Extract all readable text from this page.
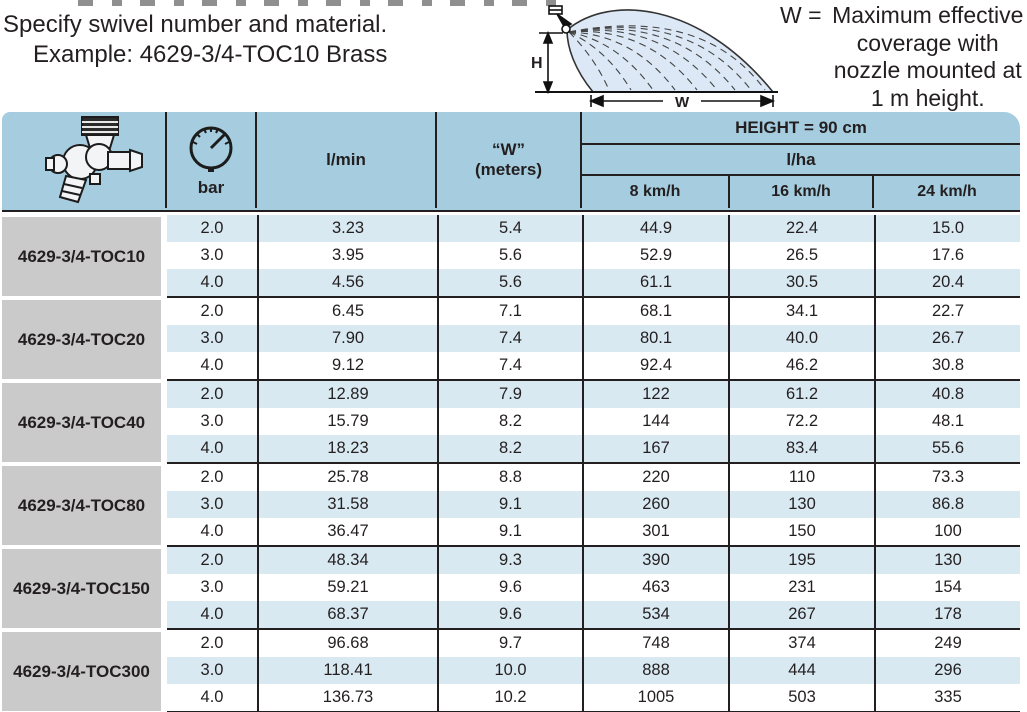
Specify swivel number and material.
Example: 4629-3/4-TOC10 Brass	H
W
W = Maximum effective coverage with nozzle mounted at 1 m height.
bar
l/min
“W”
(meters)
HEIGHT = 90 cm
l/ha
8 km/h	16 km/h	24 km/h
4629-3/4-TOC10
2.0	3.23	5.4	44.9	22.4	15.0
3.0	3.95	5.6	52.9	26.5	17.6
4.0	4.56	5.6	61.1	30.5	20.4
4629-3/4-TOC20
2.0	6.45	7.1	68.1	34.1	22.7
3.0	7.90	7.4	80.1	40.0	26.7
4.0	9.12	7.4	92.4	46.2	30.8
4629-3/4-TOC40
2.0	12.89	7.9	122	61.2	40.8
3.0	15.79	8.2	144	72.2	48.1
4.0	18.23	8.2	167	83.4	55.6
4629-3/4-TOC80
2.0	25.78	8.8	220	110	73.3
3.0	31.58	9.1	260	130	86.8
4.0	36.47	9.1	301	150	100
4629-3/4-TOC150
2.0	48.34	9.3	390	195	130
3.0	59.21	9.6	463	231	154
4.0	68.37	9.6	534	267	178
4629-3/4-TOC300
2.0	96.68	9.7	748	374	249
3.0	118.41	10.0	888	444	296
4.0	136.73	10.2	1005	503	335
